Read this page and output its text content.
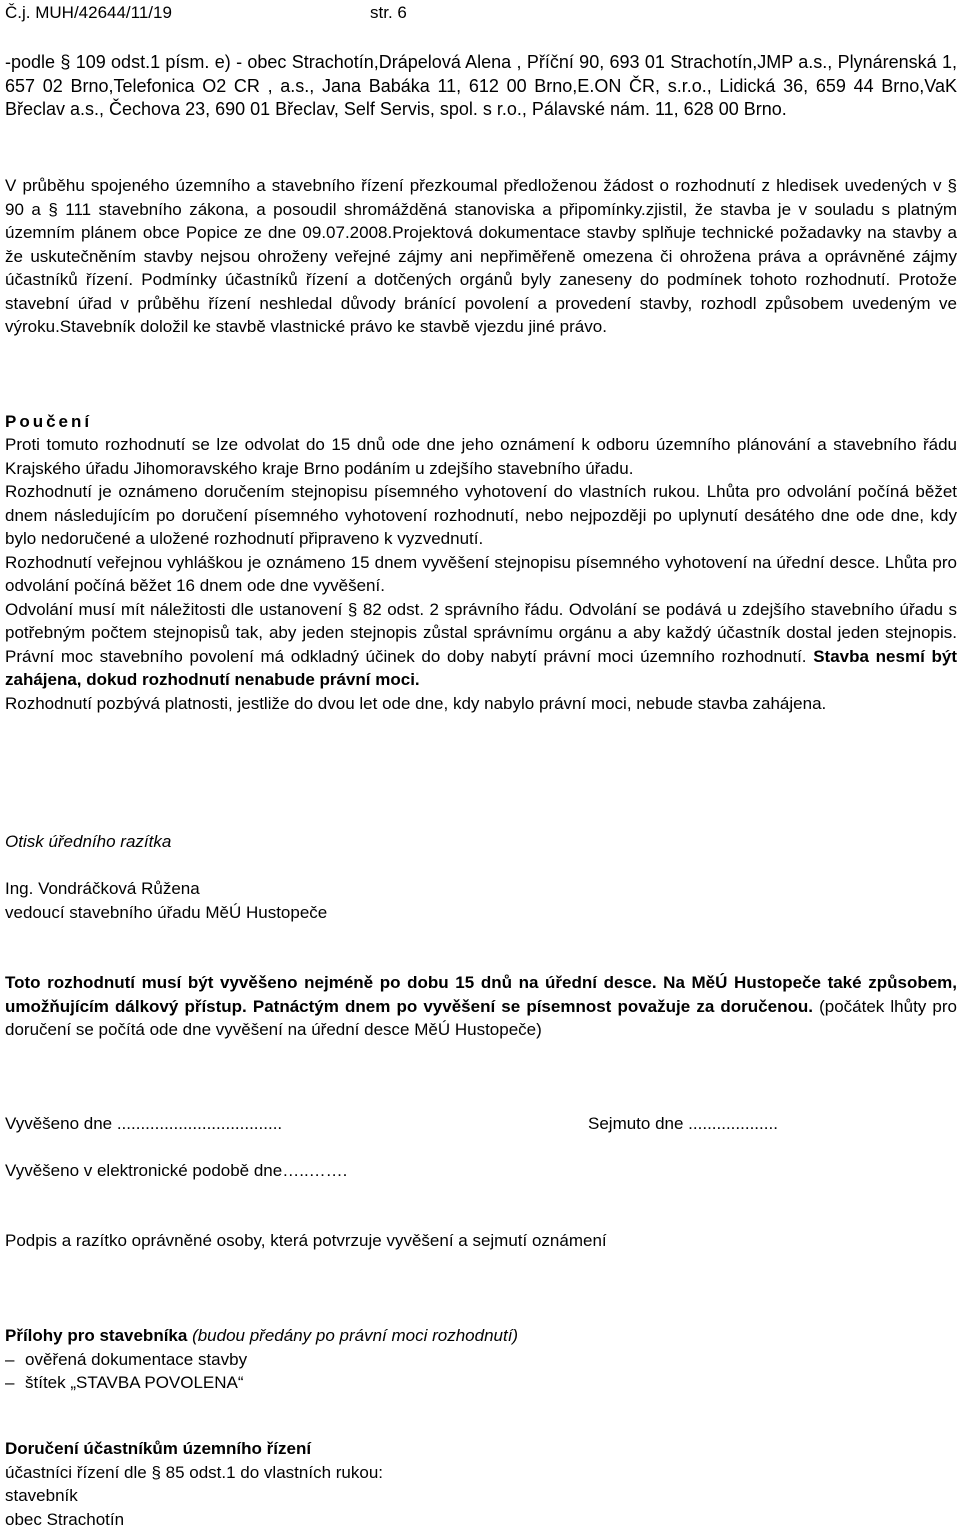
Č.j. MUH/42644/11/19	str. 6

-podle § 109 odst.1 písm. e) - obec Strachotín,Drápelová Alena , Příční 90, 693 01 Strachotín,JMP a.s., Plynárenská 1, 657 02 Brno,Telefonica O2 CR , a.s., Jana Babáka 11, 612 00 Brno,E.ON ČR, s.r.o., Lidická 36, 659 44 Brno,VaK Břeclav a.s., Čechova 23, 690 01 Břeclav, Self Servis, spol. s r.o., Pálavské nám. 11, 628 00 Brno.

V průběhu spojeného územního a stavebního řízení přezkoumal předloženou žádost o rozhodnutí z hledisek uvedených v § 90 a § 111 stavebního zákona, a posoudil shromážděná stanoviska a připomínky.zjistil, že stavba je v souladu s platným územním plánem obce Popice ze dne 09.07.2008.Projektová dokumentace stavby splňuje technické požadavky na stavby a že uskutečněním stavby nejsou ohroženy veřejné zájmy ani nepřiměřeně omezena či ohrožena práva a oprávněné zájmy účastníků řízení. Podmínky účastníků řízení a dotčených orgánů byly zaneseny do podmínek tohoto rozhodnutí. Protože stavební úřad v průběhu řízení neshledal důvody bránící povolení a provedení stavby, rozhodl způsobem uvedeným ve výroku.Stavebník doložil ke stavbě vlastnické právo ke stavbě vjezdu jiné právo.

Poučení

Proti tomuto rozhodnutí se lze odvolat do 15 dnů ode dne jeho oznámení k odboru územního plánování a stavebního řádu Krajského úřadu Jihomoravského kraje Brno podáním u zdejšího stavebního úřadu.

Rozhodnutí je oznámeno doručením stejnopisu písemného vyhotovení do vlastních rukou. Lhůta pro odvolání počíná běžet dnem následujícím po doručení písemného vyhotovení rozhodnutí, nebo nejpozději po uplynutí desátého dne ode dne, kdy bylo nedoručené a uložené rozhodnutí připraveno k vyzvednutí.

Rozhodnutí veřejnou vyhláškou je oznámeno 15 dnem vyvěšení stejnopisu písemného vyhotovení na úřední desce. Lhůta pro odvolání počíná běžet 16 dnem ode dne vyvěšení.

Odvolání musí mít náležitosti dle ustanovení § 82 odst. 2 správního řádu. Odvolání se podává u zdejšího stavebního úřadu s potřebným počtem stejnopisů tak, aby jeden stejnopis zůstal správnímu orgánu a aby každý účastník dostal jeden stejnopis. Právní moc stavebního povolení má odkladný účinek do doby nabytí právní moci územního rozhodnutí. Stavba nesmí být zahájena, dokud rozhodnutí nenabude právní moci.

Rozhodnutí pozbývá platnosti, jestliže do dvou let ode dne, kdy nabylo právní moci, nebude stavba zahájena.

Otisk úředního razítka
Ing. Vondráčková Růžena
vedoucí stavebního úřadu MěÚ Hustopeče

Toto rozhodnutí musí být vyvěšeno nejméně po dobu 15 dnů na úřední desce. Na MěÚ Hustopeče také způsobem, umožňujícím dálkový přístup. Patnáctým dnem po vyvěšení se písemnost považuje za doručenou. (počátek lhůty pro doručení se počítá ode dne vyvěšení na úřední desce MěÚ Hustopeče)

Vyvěšeno dne ...................................	Sejmuto dne ...................
Vyvěšeno v elektronické podobě dne…..…….
Podpis a razítko oprávněné osoby, která potvrzuje vyvěšení a sejmutí oznámení
Přílohy pro stavebníka (budou předány po právní moci rozhodnutí)
– ověřená dokumentace stavby
– štítek „STAVBA POVOLENA“
Doručení účastníkům územního řízení
účastníci řízení dle § 85 odst.1 do vlastních rukou:
stavebník
obec Strachotín
